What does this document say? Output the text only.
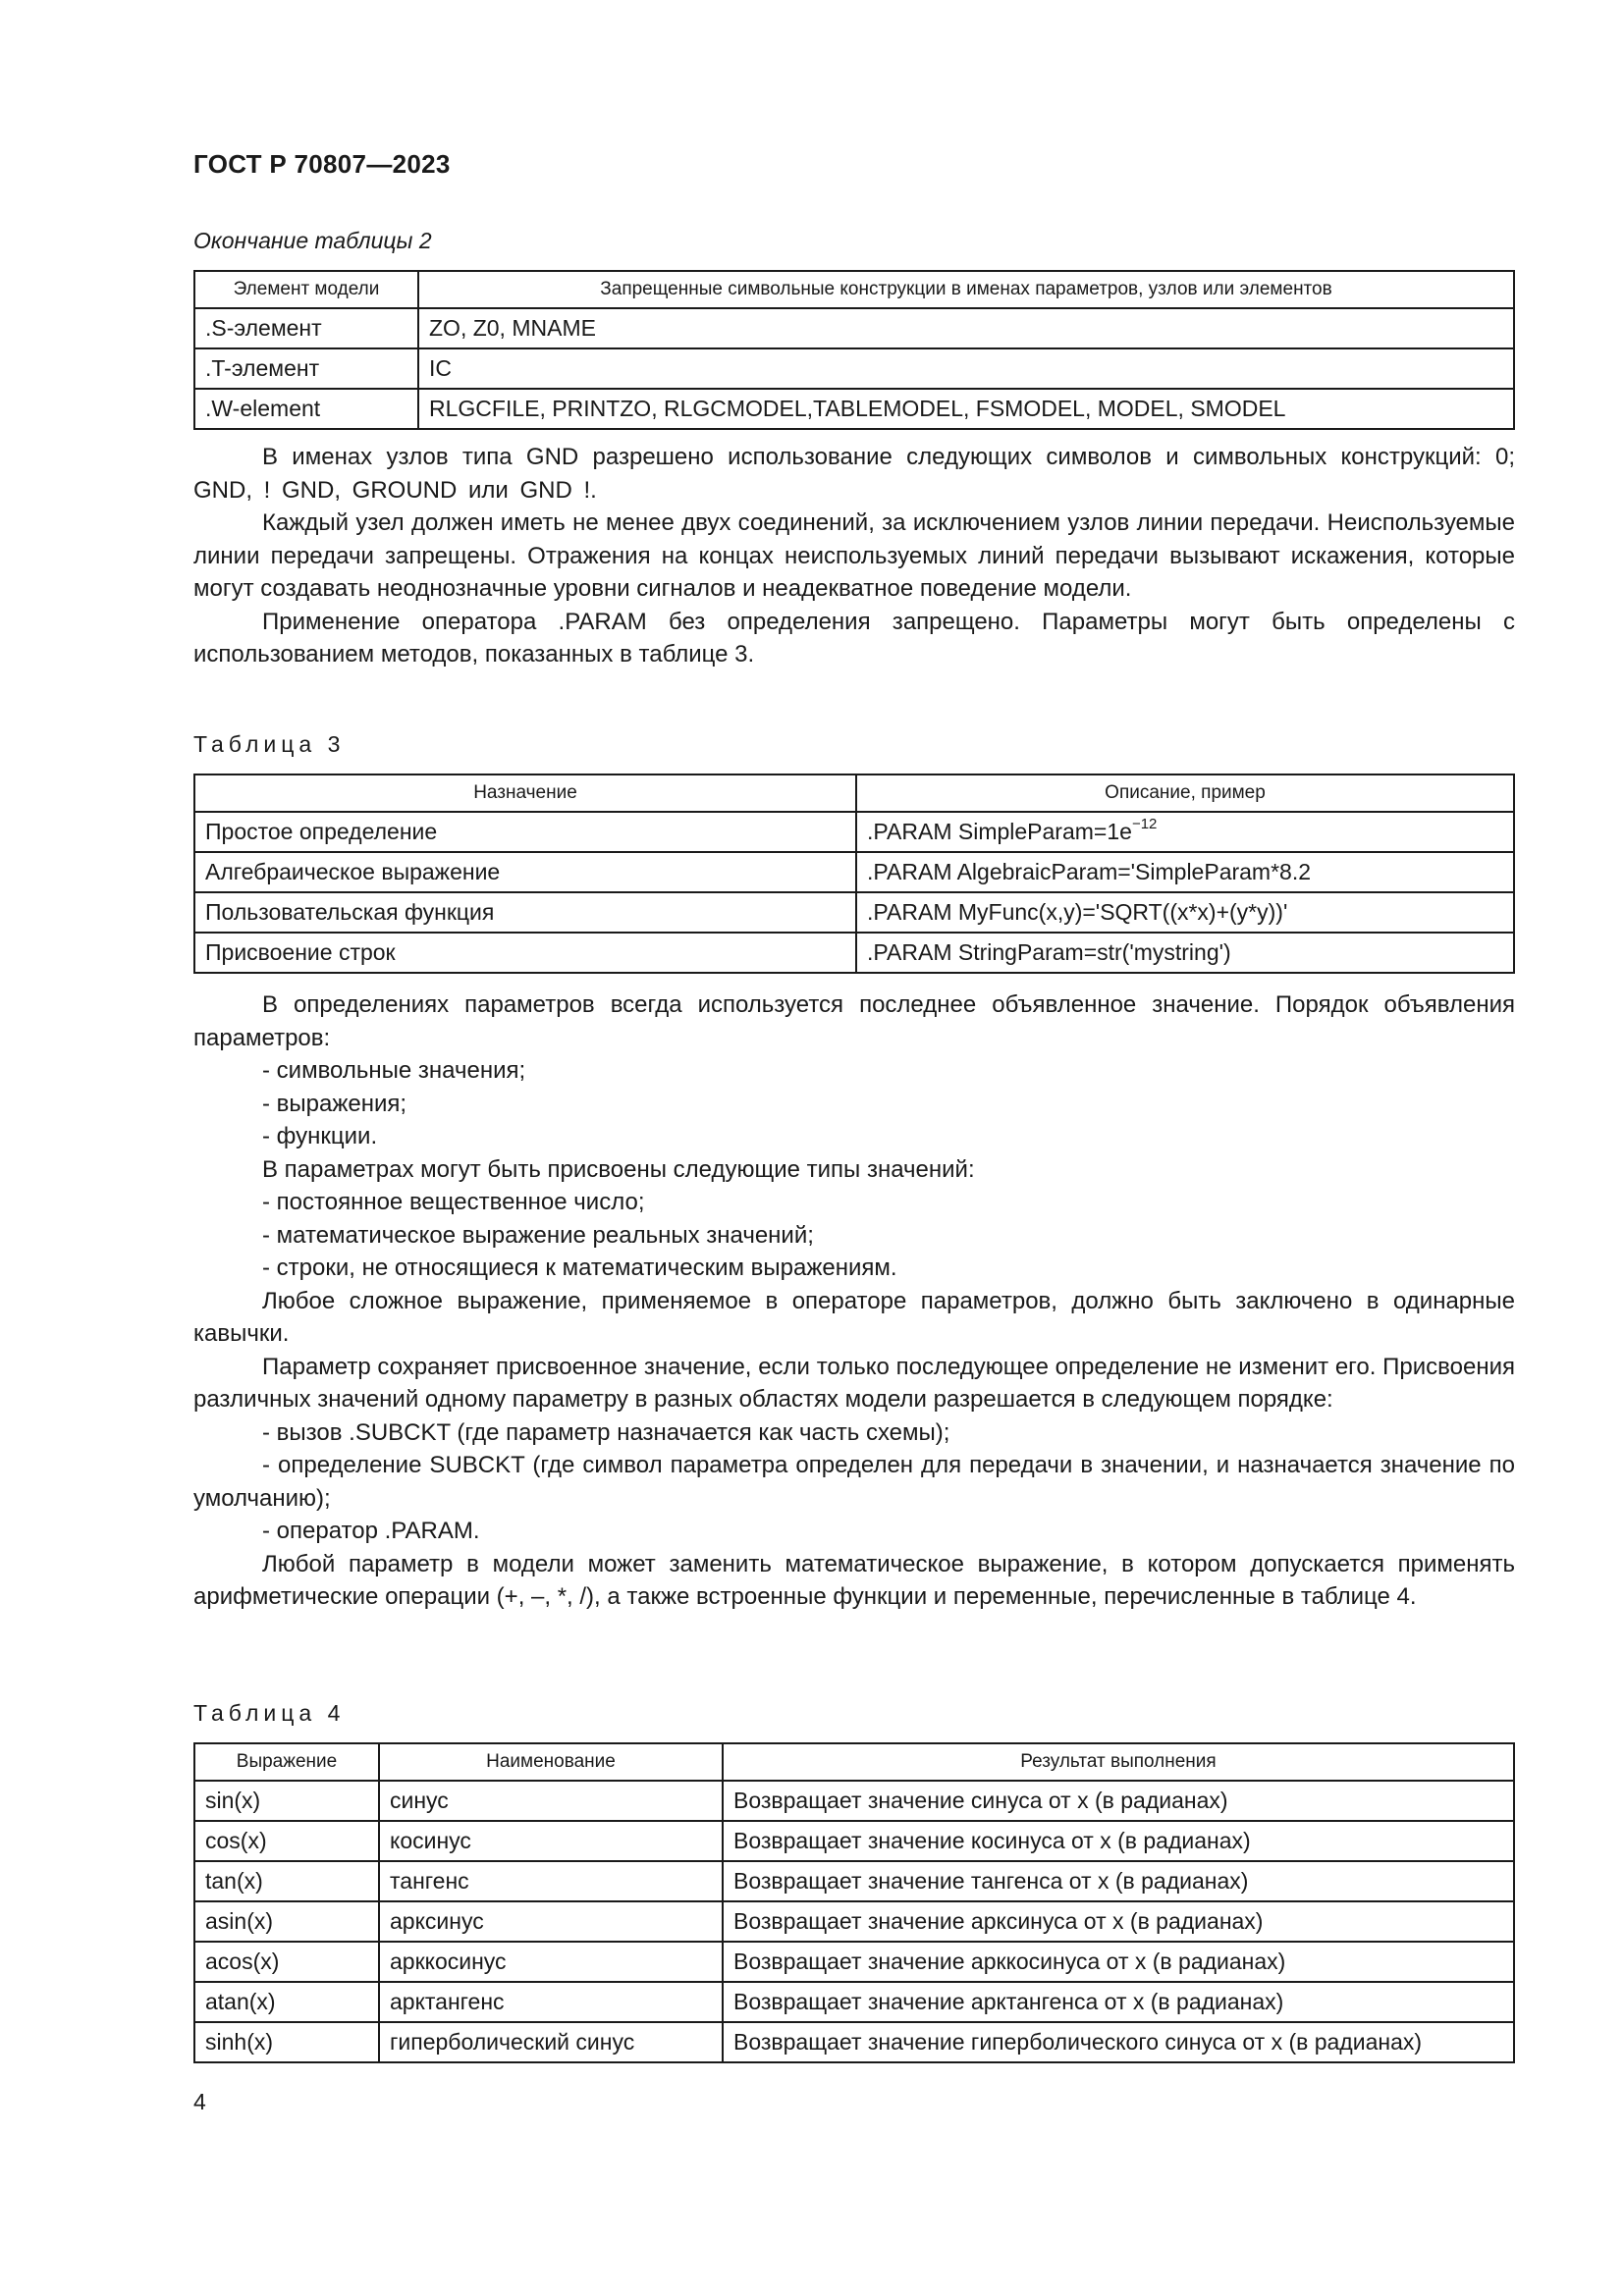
ГОСТ Р 70807—2023
Окончание таблицы 2
Элемент модели	Запрещенные символьные конструкции в именах параметров, узлов или элементов
.S-элемент	ZO, Z0, MNAME
.T-элемент	IC
.W-element	RLGCFILE, PRINTZO, RLGCMODEL,TABLEMODEL, FSMODEL, MODEL, SMODEL

В именах узлов типа GND разрешено использование следующих символов и символьных конструкций: 0; GND, ! GND, GROUND или GND !.

Каждый узел должен иметь не менее двух соединений, за исключением узлов линии передачи. Неиспользуемые линии передачи запрещены. Отражения на концах неиспользуемых линий передачи вызывают искажения, которые могут создавать неоднозначные уровни сигналов и неадекватное поведение модели.

Применение оператора .PARAM без определения запрещено. Параметры могут быть определены с использованием методов, показанных в таблице 3.

Таблица 3
Назначение	Описание, пример
Простое определение	.PARAM $SimpleParam=1e^{-12}$
Алгебраическое выражение	.PARAM AlgebraicParam='SimpleParam*8.2
Пользовательская функция	.PARAM MyFunc(x,y)='SQRT((x*x)+(y*y))'
Присвоение строк	.PARAM StringParam=str('mystring')

В определениях параметров всегда используется последнее объявленное значение. Порядок объявления параметров:

- символьные значения;

- выражения;

- функции.

В параметрах могут быть присвоены следующие типы значений:

- постоянное вещественное число;

- математическое выражение реальных значений;

- строки, не относящиеся к математическим выражениям.

Любое сложное выражение, применяемое в операторе параметров, должно быть заключено в одинарные кавычки.

Параметр сохраняет присвоенное значение, если только последующее определение не изменит его. Присвоения различных значений одному параметру в разных областях модели разрешается в следующем порядке:

- вызов .SUBCKT (где параметр назначается как часть схемы);

- определение SUBCKT (где символ параметра определен для передачи в значении, и назначается значение по умолчанию);

- оператор .PARAM.

Любой параметр в модели может заменить математическое выражение, в котором допускается применять арифметические операции (+, –, *, /), а также встроенные функции и переменные, перечисленные в таблице 4.

Таблица 4
Выражение	Наименование	Результат выполнения
sin(x)	синус	Возвращает значение синуса от x (в радианах)
cos(x)	косинус	Возвращает значение косинуса от x (в радианах)
tan(x)	тангенс	Возвращает значение тангенса от x (в радианах)
asin(x)	арксинус	Возвращает значение арксинуса от x (в радианах)
acos(x)	арккосинус	Возвращает значение арккосинуса от x (в радианах)
atan(x)	арктангенс	Возвращает значение арктангенса от x (в радианах)
sinh(x)	гиперболический синус	Возвращает значение гиперболического синуса от x (в радианах)
4
